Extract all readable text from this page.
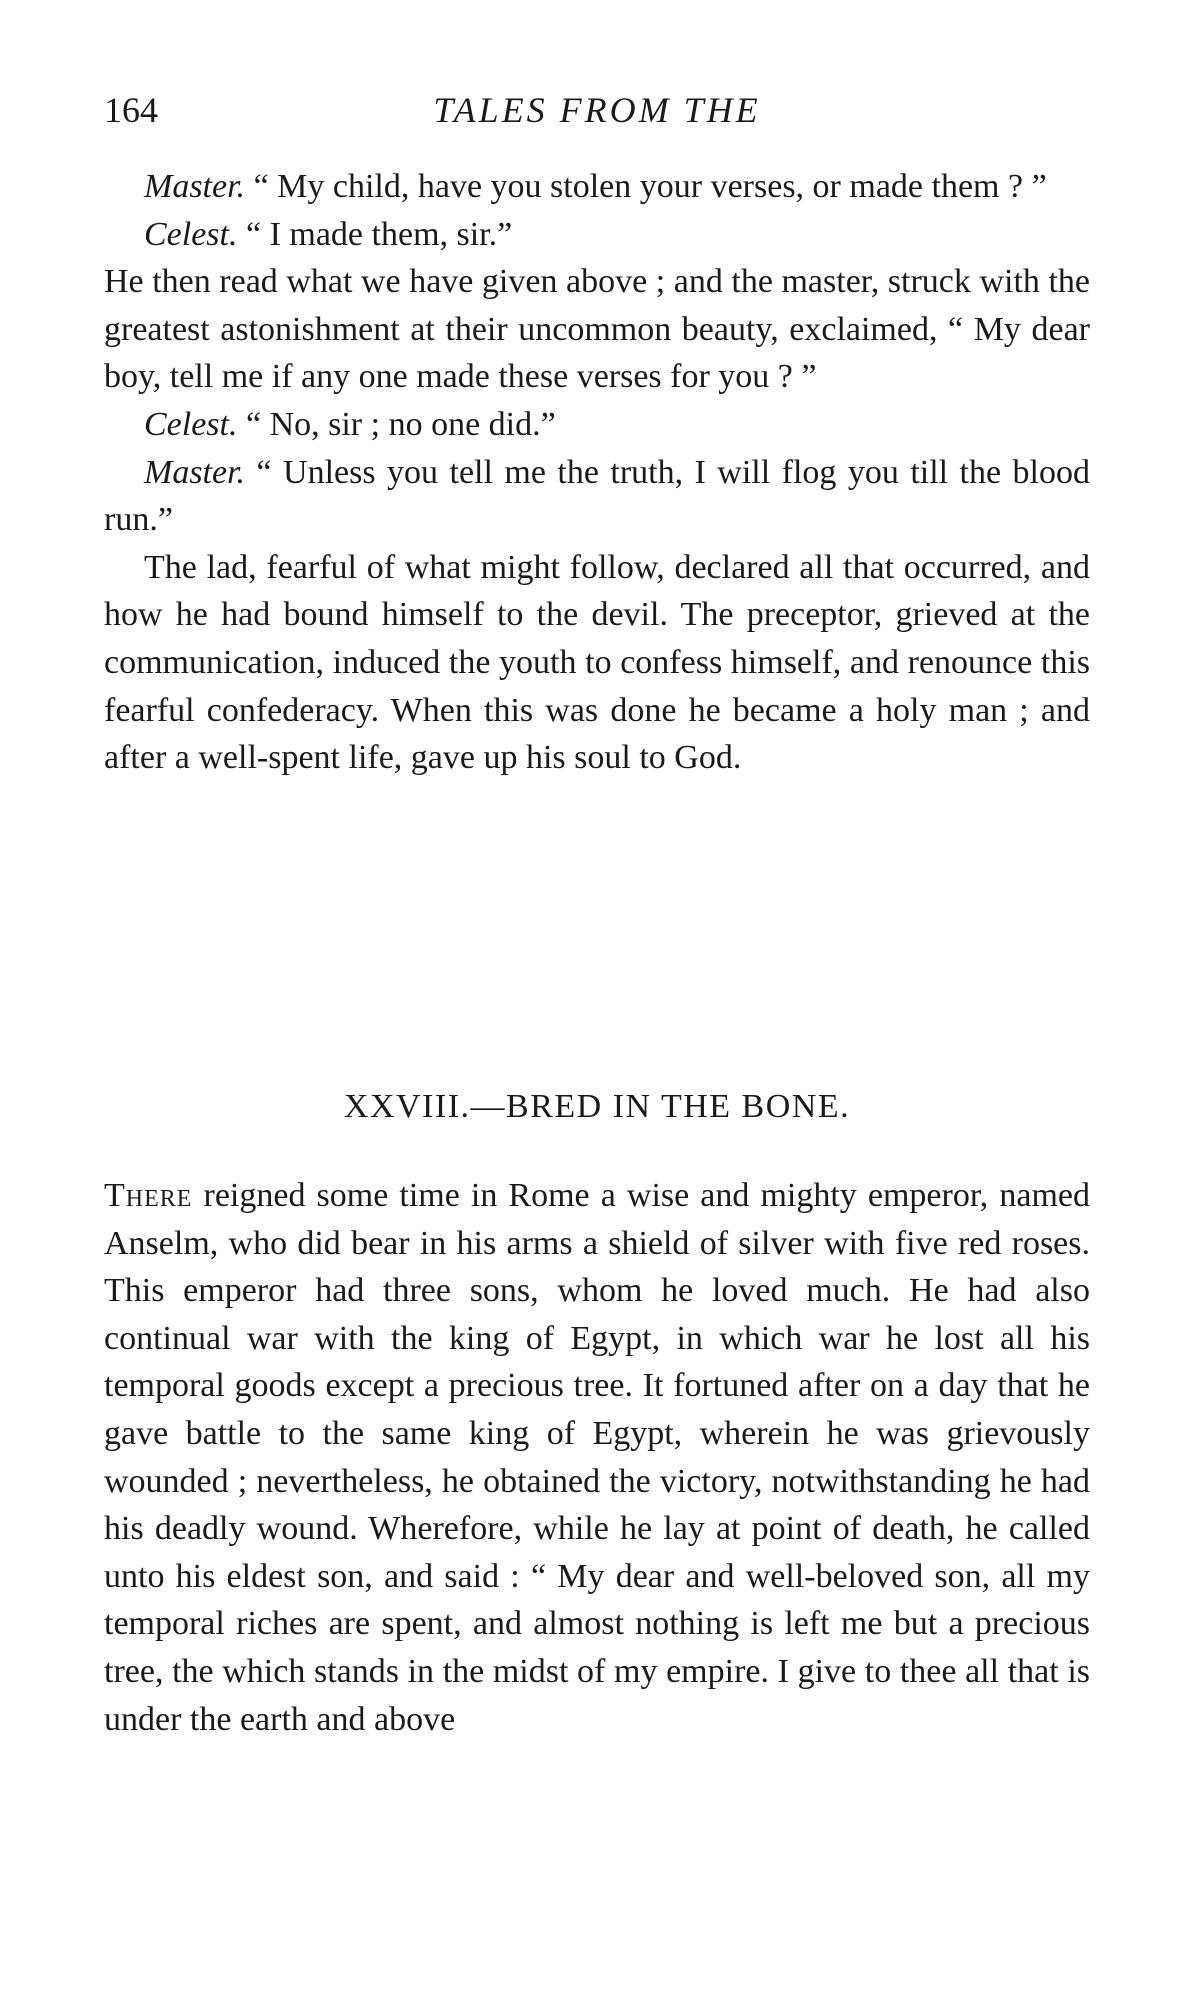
164	TALES FROM THE

Master. “ My child, have you stolen your verses, or made them ? ”

Celest. “ I made them, sir.”

He then read what we have given above ; and the master, struck with the greatest astonishment at their uncommon beauty, exclaimed, “ My dear boy, tell me if any one made these verses for you ? ”

Celest. “ No, sir ; no one did.”

Master. “ Unless you tell me the truth, I will flog you till the blood run.”

The lad, fearful of what might follow, declared all that occurred, and how he had bound himself to the devil. The preceptor, grieved at the communication, induced the youth to confess himself, and renounce this fearful confederacy. When this was done he became a holy man ; and after a well-spent life, gave up his soul to God.

XXVIII.—BRED IN THE BONE.

There reigned some time in Rome a wise and mighty emperor, named Anselm, who did bear in his arms a shield of silver with five red roses. This emperor had three sons, whom he loved much. He had also continual war with the king of Egypt, in which war he lost all his temporal goods except a precious tree. It fortuned after on a day that he gave battle to the same king of Egypt, wherein he was grievously wounded ; nevertheless, he obtained the victory, notwithstanding he had his deadly wound. Wherefore, while he lay at point of death, he called unto his eldest son, and said : “ My dear and well-beloved son, all my temporal riches are spent, and almost nothing is left me but a precious tree, the which stands in the midst of my empire. I give to thee all that is under the earth and above
